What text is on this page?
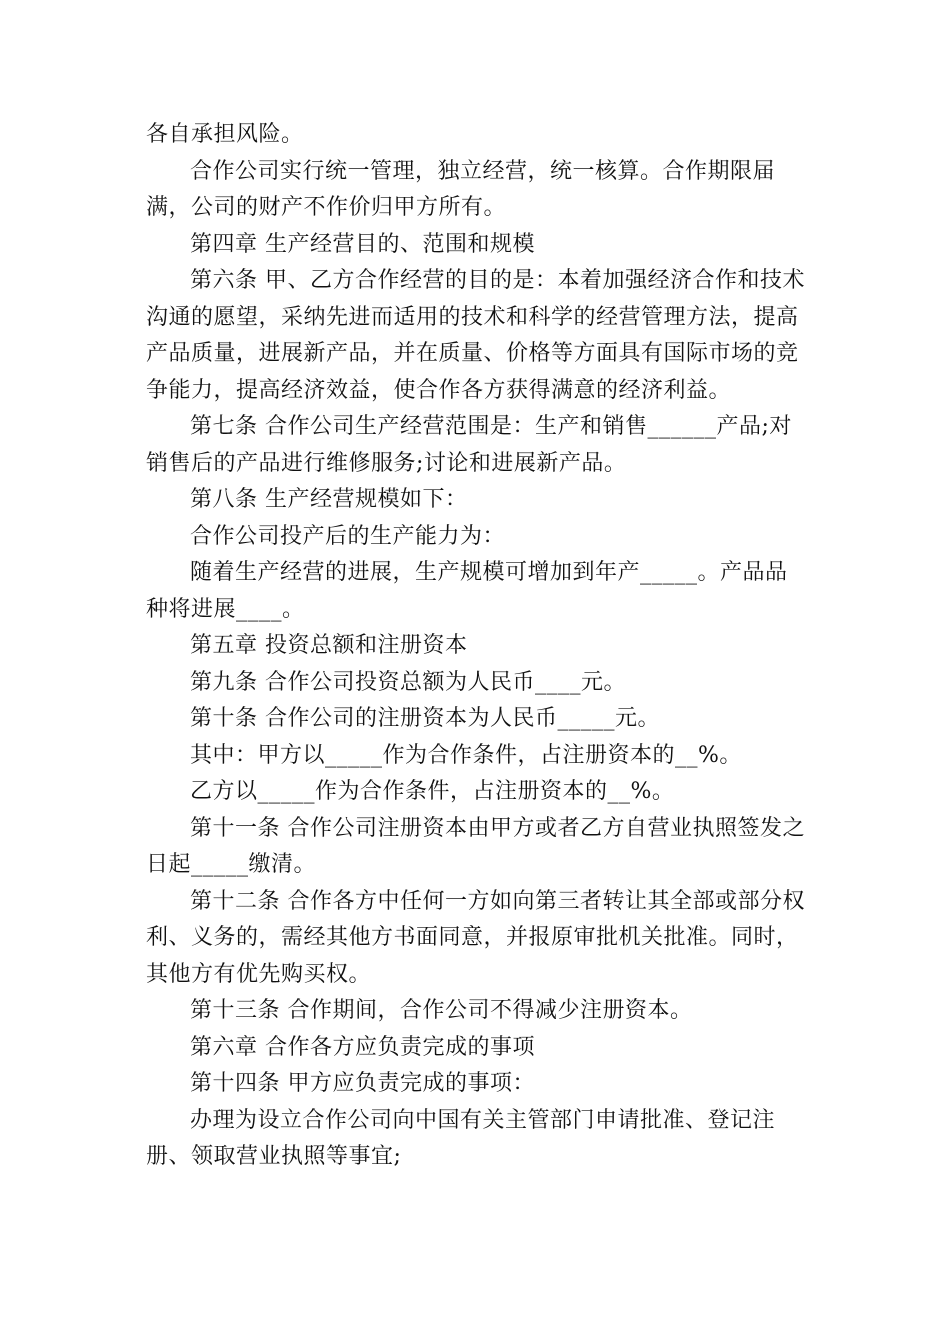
各自承担风险。

合作公司实行统一管理，独立经营，统一核算。合作期限届满，公司的财产不作价归甲方所有。

第四章 生产经营目的、范围和规模

第六条 甲、乙方合作经营的目的是：本着加强经济合作和技术沟通的愿望，采纳先进而适用的技术和科学的经营管理方法，提高产品质量，进展新产品，并在质量、价格等方面具有国际市场的竞争能力，提高经济效益，使合作各方获得满意的经济利益。

第七条 合作公司生产经营范围是：生产和销售______产品;对销售后的产品进行维修服务;讨论和进展新产品。

第八条 生产经营规模如下：

合作公司投产后的生产能力为：

随着生产经营的进展，生产规模可增加到年产_____。产品品种将进展____。

第五章 投资总额和注册资本

第九条 合作公司投资总额为人民币____元。

第十条 合作公司的注册资本为人民币_____元。

其中：甲方以_____作为合作条件，占注册资本的__%。

乙方以_____作为合作条件，占注册资本的__%。

第十一条 合作公司注册资本由甲方或者乙方自营业执照签发之日起_____缴清。

第十二条 合作各方中任何一方如向第三者转让其全部或部分权利、义务的，需经其他方书面同意，并报原审批机关批准。同时，其他方有优先购买权。

第十三条 合作期间，合作公司不得减少注册资本。

第六章 合作各方应负责完成的事项

第十四条 甲方应负责完成的事项：

办理为设立合作公司向中国有关主管部门申请批准、登记注册、领取营业执照等事宜;
